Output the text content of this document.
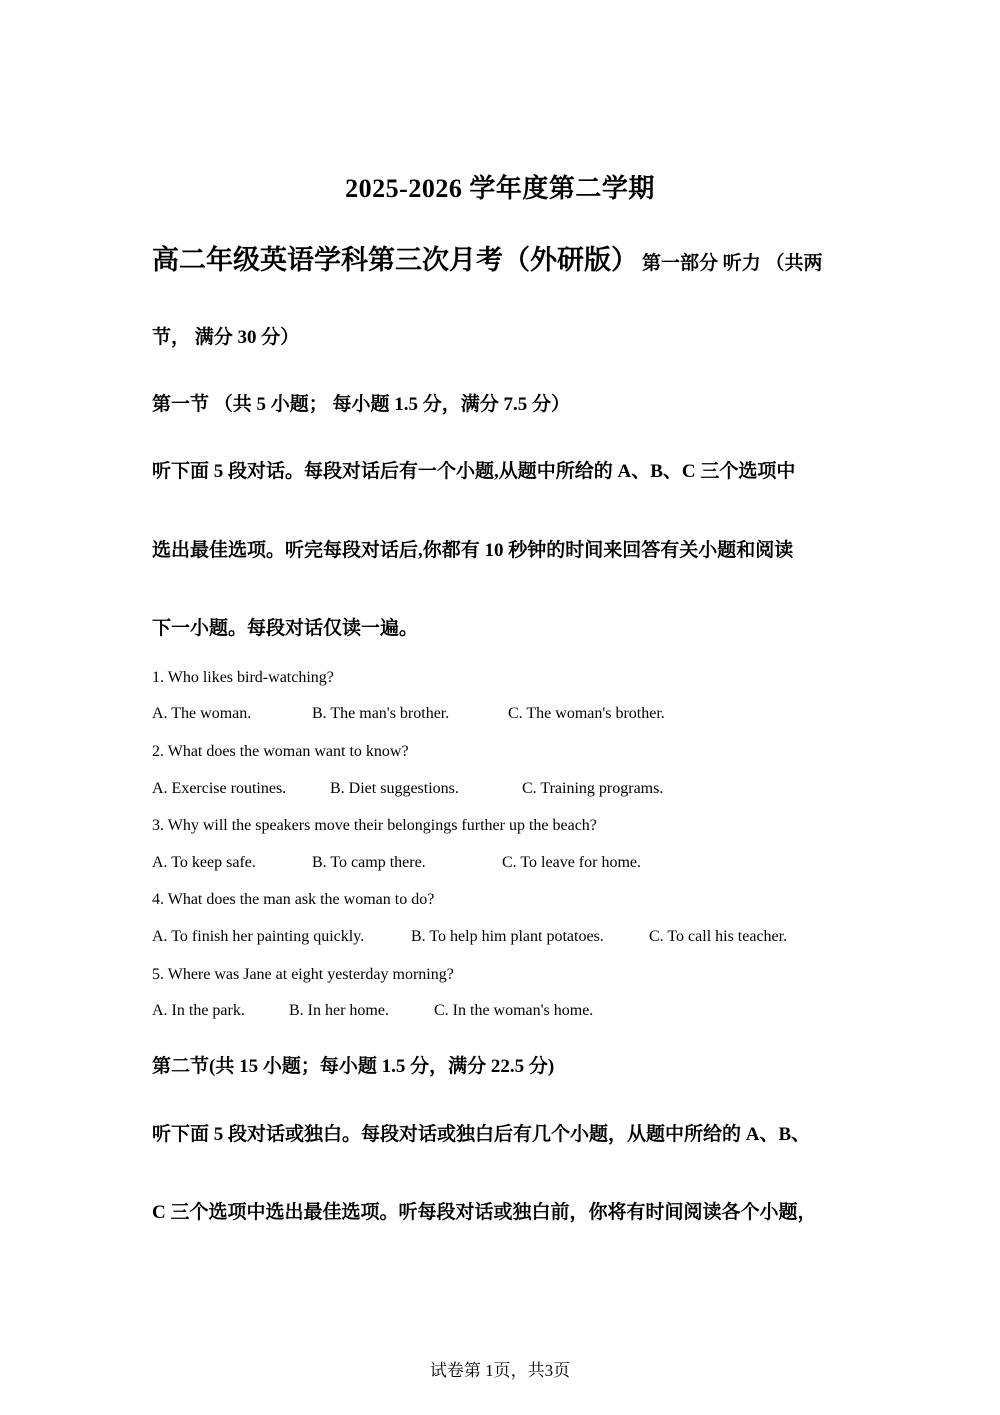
2025-2026 学年度第二学期
高二年级英语学科第三次月考（外研版） 第一部分 听力 （共两
节， 满分 30 分）
第一节 （共 5 小题； 每小题 1.5 分，满分 7.5 分）
听下面 5 段对话。每段对话后有一个小题,从题中所给的 A、B、C 三个选项中
选出最佳选项。听完每段对话后,你都有 10 秒钟的时间来回答有关小题和阅读
下一小题。每段对话仅读一遍。
1. Who likes bird-watching?
A. The woman.	B. The man's brother.	C. The woman's brother.
2. What does the woman want to know?
A. Exercise routines.	B. Diet suggestions.	C. Training programs.
3. Why will the speakers move their belongings further up the beach?
A. To keep safe.	B. To camp there.	C. To leave for home.
4. What does the man ask the woman to do?
A. To finish her painting quickly.	B. To help him plant potatoes.	C. To call his teacher.
5. Where was Jane at eight yesterday morning?
A. In the park.	B. In her home.	C. In the woman's home.
第二节(共 15 小题；每小题 1.5 分，满分 22.5 分)
听下面 5 段对话或独白。每段对话或独白后有几个小题，从题中所给的 A、B、
C 三个选项中选出最佳选项。听每段对话或独白前，你将有时间阅读各个小题，
试卷第 1页，共3页
